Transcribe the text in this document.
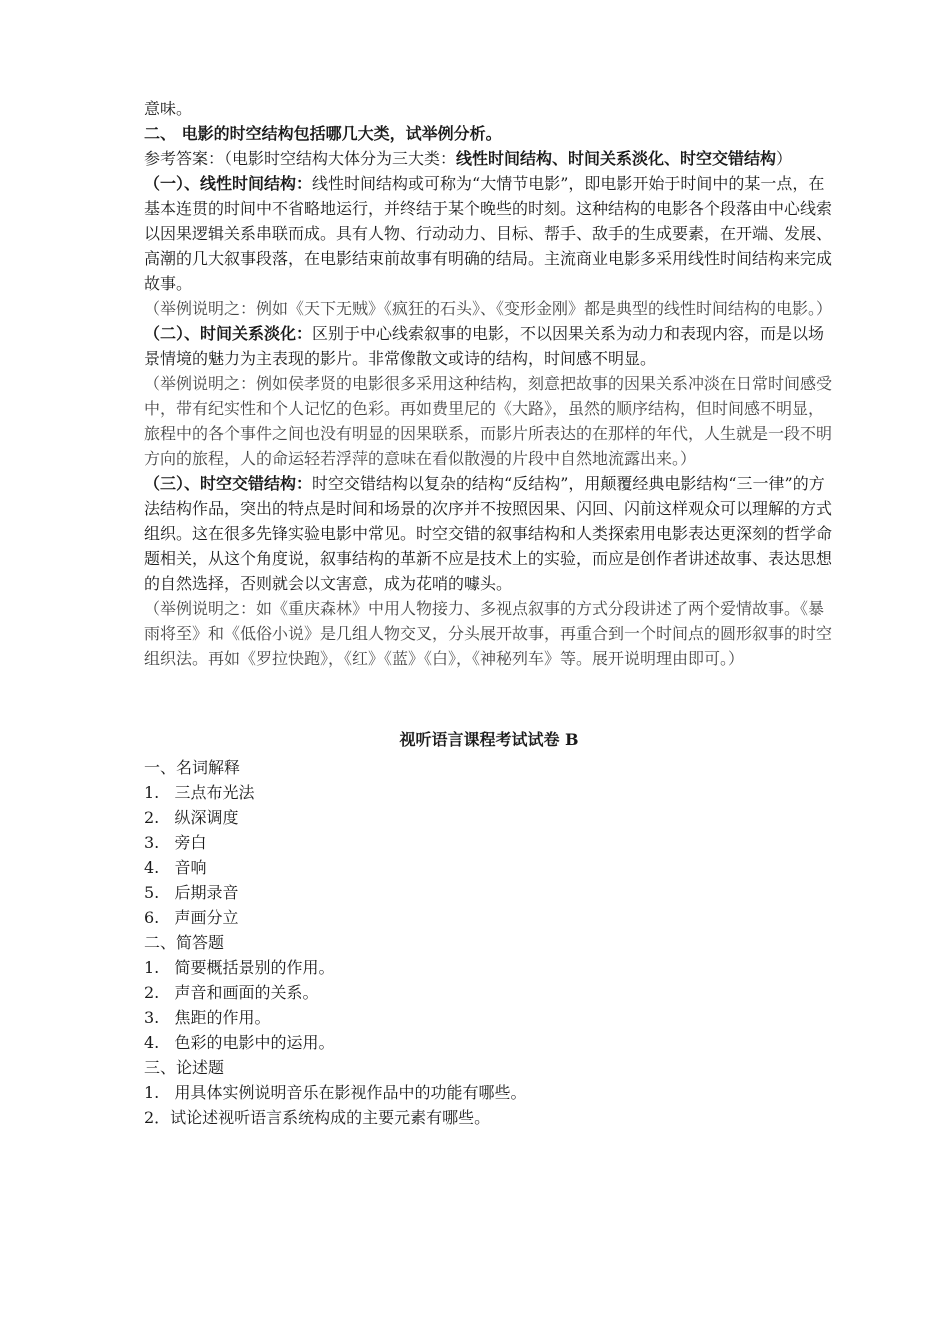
意味。

二、 电影的时空结构包括哪几大类，试举例分析。

参考答案：（电影时空结构大体分为三大类：线性时间结构、时间关系淡化、时空交错结构）

（一）、线性时间结构：线性时间结构或可称为“大情节电影”，即电影开始于时间中的某一点，在基本连贯的时间中不省略地运行，并终结于某个晚些的时刻。这种结构的电影各个段落由中心线索以因果逻辑关系串联而成。具有人物、行动动力、目标、帮手、敌手的生成要素，在开端、发展、高潮的几大叙事段落，在电影结束前故事有明确的结局。主流商业电影多采用线性时间结构来完成故事。

（举例说明之：例如《天下无贼》《疯狂的石头》、《变形金刚》都是典型的线性时间结构的电影。）

（二）、时间关系淡化：区别于中心线索叙事的电影，不以因果关系为动力和表现内容，而是以场景情境的魅力为主表现的影片。非常像散文或诗的结构，时间感不明显。

（举例说明之：例如侯孝贤的电影很多采用这种结构，刻意把故事的因果关系冲淡在日常时间感受中，带有纪实性和个人记忆的色彩。再如费里尼的《大路》，虽然的顺序结构，但时间感不明显，旅程中的各个事件之间也没有明显的因果联系，而影片所表达的在那样的年代，人生就是一段不明方向的旅程，人的命运轻若浮萍的意味在看似散漫的片段中自然地流露出来。）

（三）、时空交错结构：时空交错结构以复杂的结构“反结构”，用颠覆经典电影结构“三一律”的方法结构作品，突出的特点是时间和场景的次序并不按照因果、闪回、闪前这样观众可以理解的方式组织。这在很多先锋实验电影中常见。时空交错的叙事结构和人类探索用电影表达更深刻的哲学命题相关，从这个角度说，叙事结构的革新不应是技术上的实验，而应是创作者讲述故事、表达思想的自然选择，否则就会以文害意，成为花哨的噱头。

（举例说明之：如《重庆森林》中用人物接力、多视点叙事的方式分段讲述了两个爱情故事。《暴雨将至》和《低俗小说》是几组人物交叉，分头展开故事，再重合到一个时间点的圆形叙事的时空组织法。再如《罗拉快跑》，《红》《蓝》《白》，《神秘列车》等。展开说明理由即可。）

视听语言课程考试试卷 B

一、名词解释

1.   三点布光法

2.   纵深调度

3.   旁白

4.   音响

5.   后期录音

6.   声画分立

二、简答题

1.   简要概括景别的作用。

2.   声音和画面的关系。

3.   焦距的作用。

4.   色彩的电影中的运用。

三、论述题

1.   用具体实例说明音乐在影视作品中的功能有哪些。

2．试论述视听语言系统构成的主要元素有哪些。
